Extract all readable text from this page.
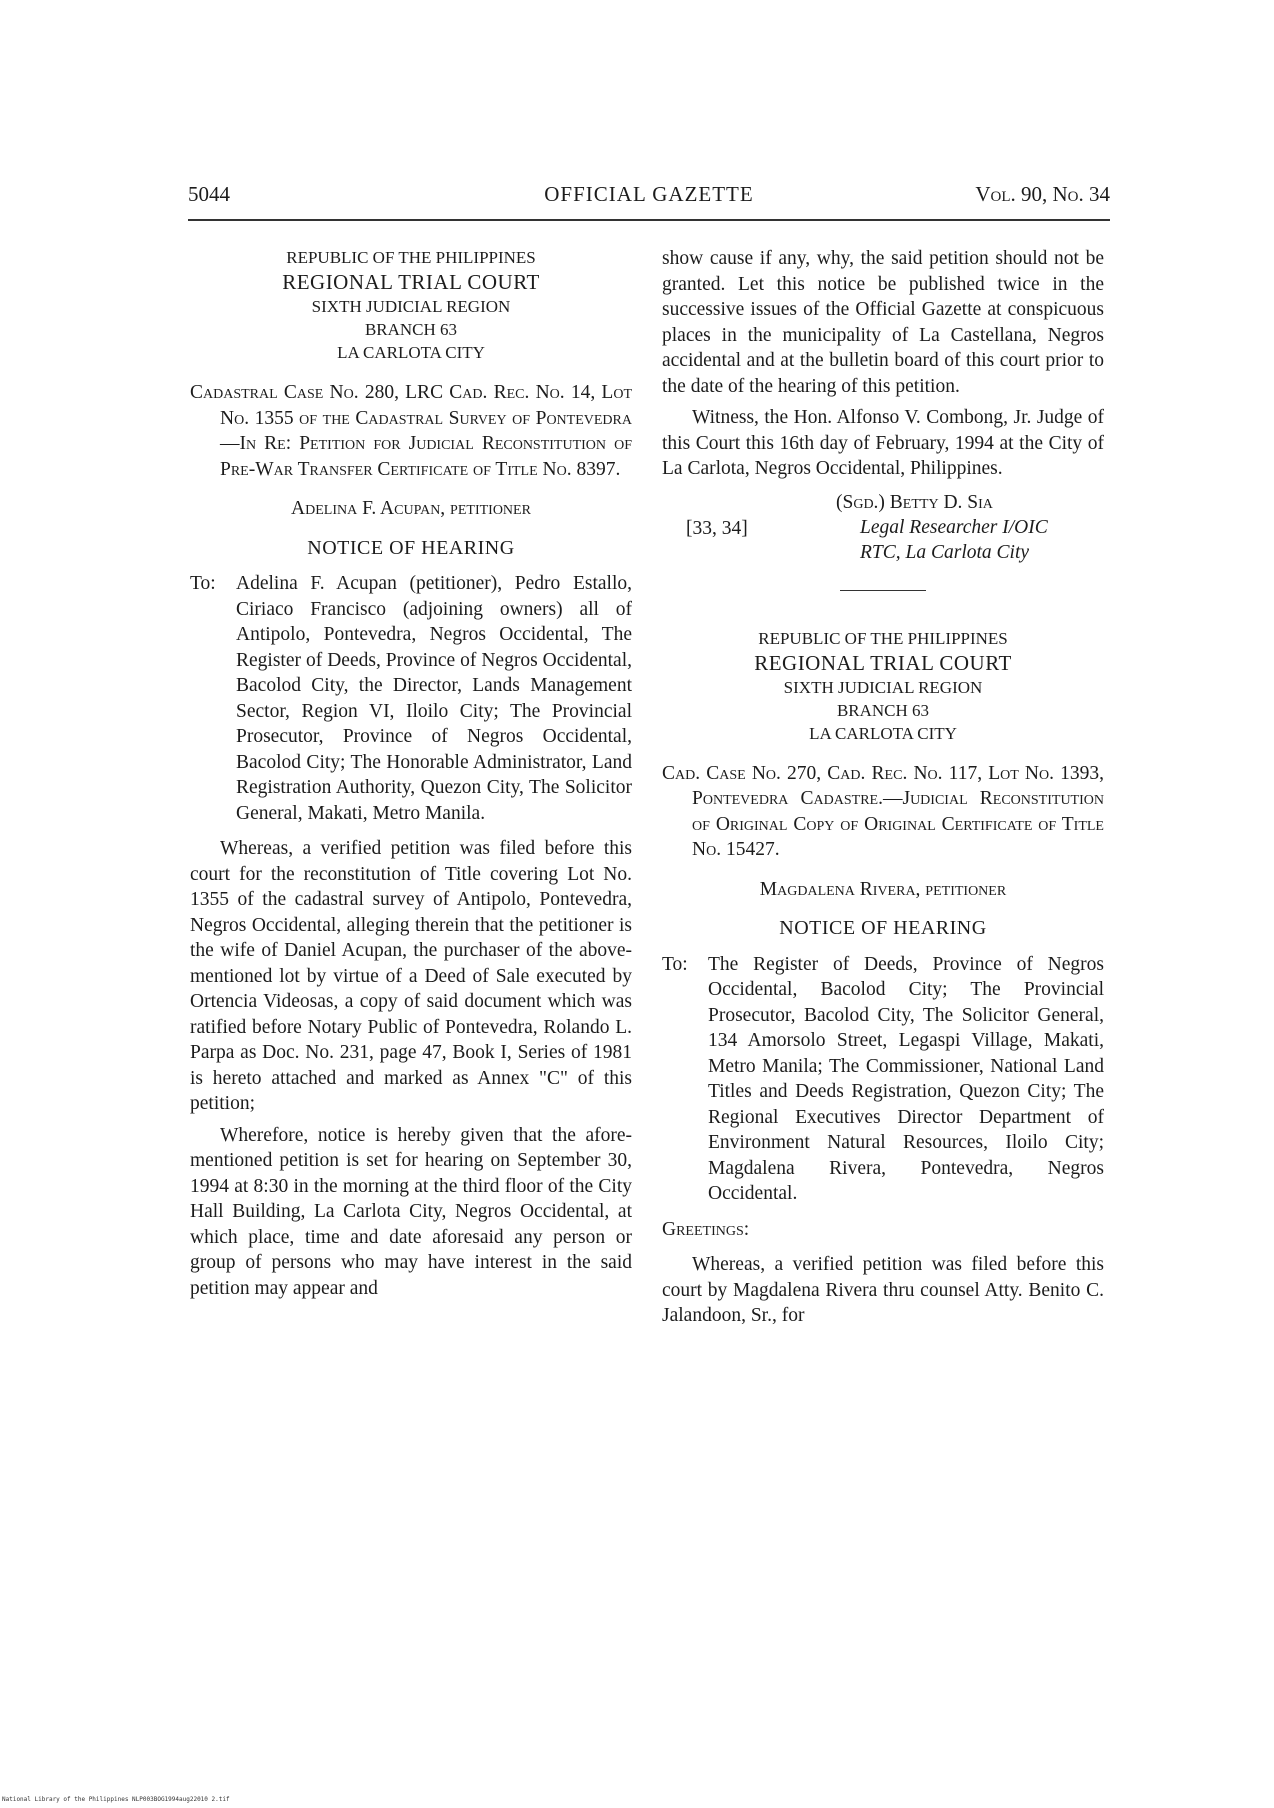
5044	OFFICIAL GAZETTE	Vol. 90, No. 34
REPUBLIC OF THE PHILIPPINES
REGIONAL TRIAL COURT
SIXTH JUDICIAL REGION
BRANCH 63
LA CARLOTA CITY

Cadastral Case No. 280, LRC Cad. Rec. No. 14, Lot No. 1355 of the Cadastral Survey of Pontevedra—In Re: Petition for Judicial Reconstitution of Pre-War Transfer Certificate of Title No. 8397.

Adelina F. Acupan, petitioner

NOTICE OF HEARING

To:	Adelina F. Acupan (petitioner), Pedro Estallo, Ciriaco Francisco (adjoining owners) all of Antipolo, Pontevedra, Negros Occidental, The Register of Deeds, Province of Negros Occidental, Bacolod City, the Director, Lands Management Sector, Region VI, Iloilo City; The Provincial Prosecutor, Province of Negros Occidental, Bacolod City; The Honorable Administrator, Land Registration Authority, Quezon City, The Solicitor General, Makati, Metro Manila.

Whereas, a verified petition was filed before this court for the reconstitution of Title covering Lot No. 1355 of the cadastral survey of Antipolo, Pontevedra, Negros Occidental, alleging therein that the petitioner is the wife of Daniel Acupan, the purchaser of the above-mentioned lot by virtue of a Deed of Sale executed by Ortencia Videosas, a copy of said document which was ratified before Notary Public of Pontevedra, Rolando L. Parpa as Doc. No. 231, page 47, Book I, Series of 1981 is hereto attached and marked as Annex "C" of this petition;

Wherefore, notice is hereby given that the afore-mentioned petition is set for hearing on September 30, 1994 at 8:30 in the morning at the third floor of the City Hall Building, La Carlota City, Negros Occidental, at which place, time and date aforesaid any person or group of persons who may have interest in the said petition may appear and

show cause if any, why, the said petition should not be granted. Let this notice be published twice in the successive issues of the Official Gazette at conspicuous places in the municipality of La Castellana, Negros accidental and at the bulletin board of this court prior to the date of the hearing of this petition.

Witness, the Hon. Alfonso V. Combong, Jr. Judge of this Court this 16th day of February, 1994 at the City of La Carlota, Negros Occidental, Philippines.

[33, 34]
(Sgd.) Betty D. Sia
Legal Researcher I/OIC
RTC, La Carlota City
REPUBLIC OF THE PHILIPPINES
REGIONAL TRIAL COURT
SIXTH JUDICIAL REGION
BRANCH 63
LA CARLOTA CITY

Cad. Case No. 270, Cad. Rec. No. 117, Lot No. 1393, Pontevedra Cadastre.—Judicial Reconstitution of Original Copy of Original Certificate of Title No. 15427.

Magdalena Rivera, petitioner

NOTICE OF HEARING

To:	The Register of Deeds, Province of Negros Occidental, Bacolod City; The Provincial Prosecutor, Bacolod City, The Solicitor General, 134 Amorsolo Street, Legaspi Village, Makati, Metro Manila; The Commissioner, National Land Titles and Deeds Registration, Quezon City; The Regional Executives Director Department of Environment Natural Resources, Iloilo City; Magdalena Rivera, Pontevedra, Negros Occidental.
Greetings:

Whereas, a verified petition was filed before this court by Magdalena Rivera thru counsel Atty. Benito C. Jalandoon, Sr., for

National Library of the Philippines NLP003BOG1994aug22010 2.tif
